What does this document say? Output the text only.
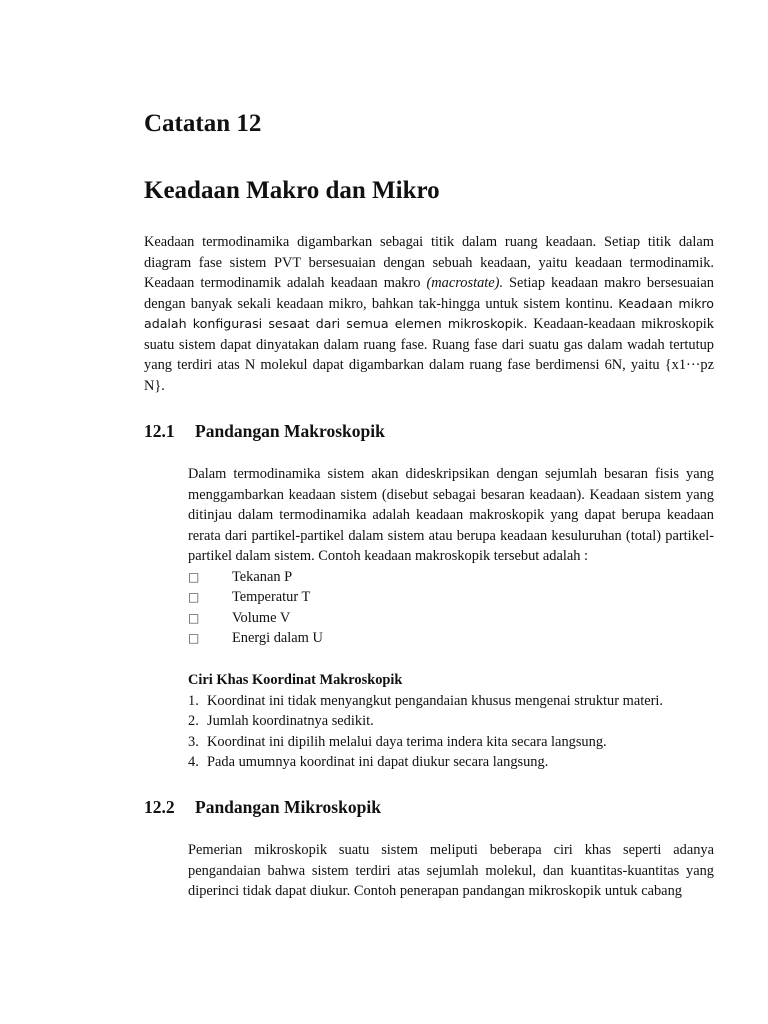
Catatan 12
Keadaan Makro dan Mikro

Keadaan termodinamika digambarkan sebagai titik dalam ruang keadaan. Setiap titik dalam diagram fase sistem PVT bersesuaian dengan sebuah keadaan, yaitu keadaan termodinamik. Keadaan termodinamik adalah keadaan makro (macrostate). Setiap keadaan makro bersesuaian dengan banyak sekali keadaan mikro, bahkan tak-hingga untuk sistem kontinu. Keadaan mikro adalah konfigurasi sesaat dari semua elemen mikroskopik. Keadaan-keadaan mikroskopik suatu sistem dapat dinyatakan dalam ruang fase. Ruang fase dari suatu gas dalam wadah tertutup yang terdiri atas N molekul dapat digambarkan dalam ruang fase berdimensi 6N, yaitu {x1···pz N}.

12.1	Pandangan Makroskopik

Dalam termodinamika sistem akan dideskripsikan dengan sejumlah besaran fisis yang menggambarkan keadaan sistem (disebut sebagai besaran keadaan). Keadaan sistem yang ditinjau dalam termodinamika adalah keadaan makroskopik yang dapat berupa keadaan rerata dari partikel-partikel dalam sistem atau berupa keadaan kesuluruhan (total) partikel-partikel dalam sistem. Contoh keadaan makroskopik tersebut adalah :

□	Tekanan P
□	Temperatur T
□	Volume V
□	Energi dalam U
Ciri Khas Koordinat Makroskopik
1. Koordinat ini tidak menyangkut pengandaian khusus mengenai struktur materi.
2. Jumlah koordinatnya sedikit.
3. Koordinat ini dipilih melalui daya terima indera kita secara langsung.
4. Pada umumnya koordinat ini dapat diukur secara langsung.
12.2	Pandangan Mikroskopik

Pemerian mikroskopik suatu sistem meliputi beberapa ciri khas seperti adanya pengandaian bahwa sistem terdiri atas sejumlah molekul, dan kuantitas-kuantitas yang diperinci tidak dapat diukur. Contoh penerapan pandangan mikroskopik untuk cabang
